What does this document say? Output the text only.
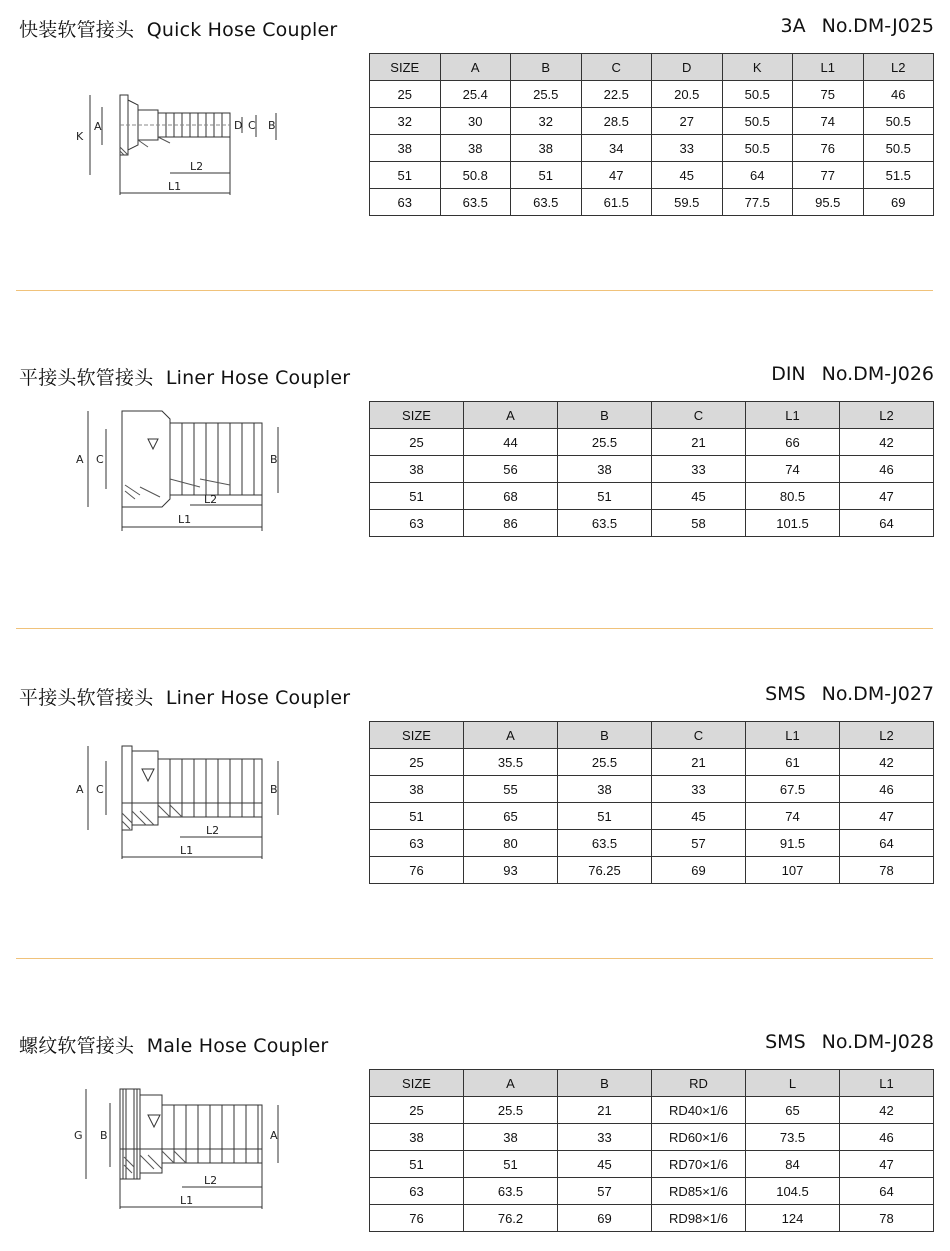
快装软管接头 Quick Hose Coupler	3A No.DM-J025
K
A	D C B
L2
L1
SIZE	A	B	C	D	K	L1	L2
25	25.4	25.5	22.5	20.5	50.5	75	46
32	30	32	28.5	27	50.5	74	50.5
38	38	38	34	33	50.5	76	50.5
51	50.8	51	47	45	64	77	51.5
63	63.5	63.5	61.5	59.5	77.5	95.5	69
平接头软管接头 Liner Hose Coupler	DIN No.DM-J026
A C	B
L2
L1
SIZE	A	B	C	L1	L2
25	44	25.5	21	66	42
38	56	38	33	74	46
51	68	51	45	80.5	47
63	86	63.5	58	101.5	64
平接头软管接头 Liner Hose Coupler	SMS No.DM-J027
A C	B
L2
L1
SIZE	A	B	C	L1	L2
25	35.5	25.5	21	61	42
38	55	38	33	67.5	46
51	65	51	45	74	47
63	80	63.5	57	91.5	64
76	93	76.25	69	107	78
螺纹软管接头 Male Hose Coupler	SMS No.DM-J028
G B	A
L2
L1
SIZE	A	B	RD	L	L1
25	25.5	21	RD40×1/6	65	42
38	38	33	RD60×1/6	73.5	46
51	51	45	RD70×1/6	84	47
63	63.5	57	RD85×1/6	104.5	64
76	76.2	69	RD98×1/6	124	78
